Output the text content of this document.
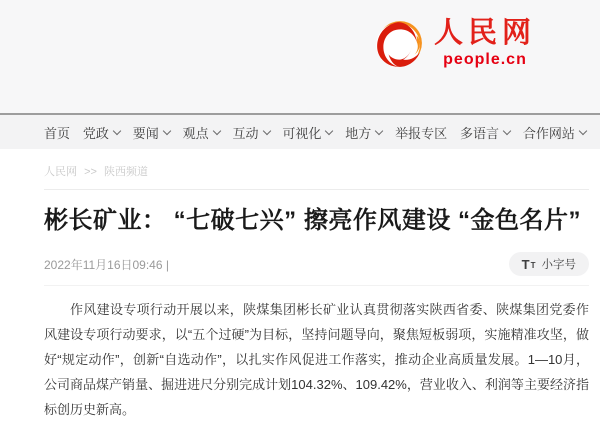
人民网
people.cn
首页 党政 要闻 观点 互动 可视化 地方 举报专区 多语言 合作网站
人民网 >> 陕西频道
彬长矿业： “七破七兴” 擦亮作风建设 “金色名片”
2022年11月16日09:46 |	T T 小字号

作风建设专项行动开展以来，陕煤集团彬长矿业认真贯彻落实陕西省委、陕煤集团党委作风建设专项行动要求，以“五个过硬”为目标，坚持问题导向，聚焦短板弱项，实施精准攻坚，做好“规定动作”，创新“自选动作”，以扎实作风促进工作落实，推动企业高质量发展。1—10月，公司商品煤产销量、掘进进尺分别完成计划104.32%、109.42%，营业收入、利润等主要经济指标创历史新高。
